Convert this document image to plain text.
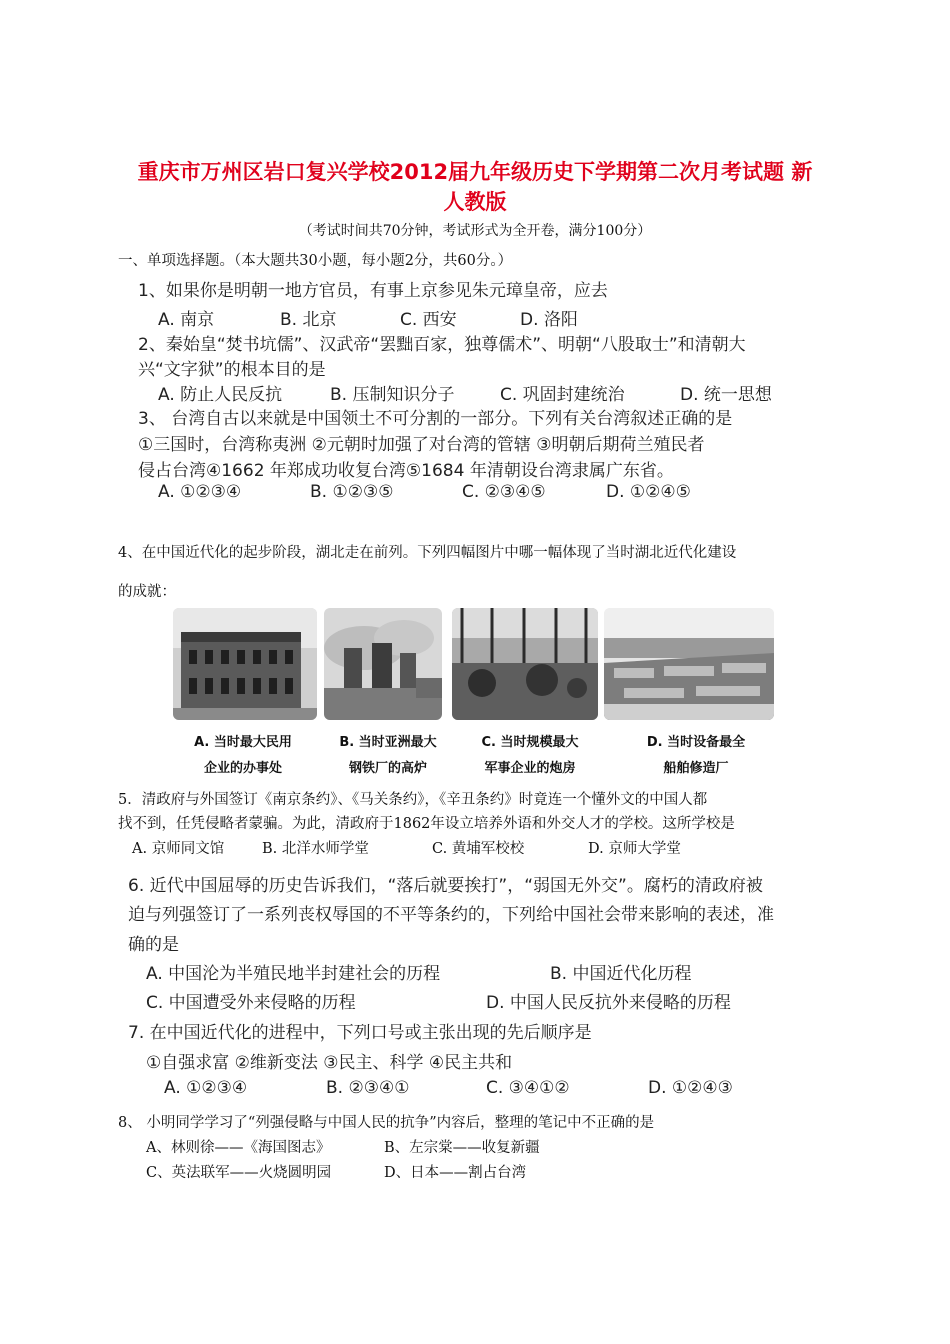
重庆市万州区岩口复兴学校2012届九年级历史下学期第二次月考试题 新
人教版
（考试时间共70分钟，考试形式为全开卷，满分100分）
一、单项选择题。（本大题共30小题，每小题2分，共60分。）
1、如果你是明朝一地方官员，有事上京参见朱元璋皇帝，应去
A. 南京	B. 北京	C. 西安	D. 洛阳
2、秦始皇“焚书坑儒”、汉武帝“罢黜百家，独尊儒术”、明朝“八股取士”和清朝大
兴“文字狱”的根本目的是
A. 防止人民反抗	B. 压制知识分子	C. 巩固封建统治	D. 统一思想
3、 台湾自古以来就是中国领土不可分割的一部分。下列有关台湾叙述正确的是
①三国时，台湾称夷洲 ②元朝时加强了对台湾的管辖 ③明朝后期荷兰殖民者
侵占台湾④1662 年郑成功收复台湾⑤1684 年清朝设台湾隶属广东省。
A. ①②③④	B. ①②③⑤	C. ②③④⑤	D. ①②④⑤
4、在中国近代化的起步阶段，湖北走在前列。下列四幅图片中哪一幅体现了当时湖北近代化建设
的成就：
A. 当时最大民用
企业的办事处
B. 当时亚洲最大
钢铁厂的高炉
C. 当时规模最大
军事企业的炮房
D. 当时设备最全
船舶修造厂
5．清政府与外国签订《南京条约》、《马关条约》，《辛丑条约》时竟连一个懂外文的中国人都
找不到，任凭侵略者蒙骗。为此，清政府于1862年设立培养外语和外交人才的学校。这所学校是
A. 京师同文馆	B. 北洋水师学堂	C. 黄埔军校校	D. 京师大学堂
6. 近代中国屈辱的历史告诉我们，“落后就要挨打”，“弱国无外交”。腐朽的清政府被
迫与列强签订了一系列丧权辱国的不平等条约的，下列给中国社会带来影响的表述，准
确的是
A. 中国沦为半殖民地半封建社会的历程	B. 中国近代化历程
C. 中国遭受外来侵略的历程	D. 中国人民反抗外来侵略的历程
7. 在中国近代化的进程中，下列口号或主张出现的先后顺序是
①自强求富 ②维新变法 ③民主、科学 ④民主共和
A. ①②③④	B. ②③④①	C. ③④①②	D. ①②④③
8、 小明同学学习了“列强侵略与中国人民的抗争”内容后，整理的笔记中不正确的是
A、林则徐——《海国图志》	B、左宗棠——收复新疆
C、英法联军——火烧圆明园	D、日本——割占台湾
